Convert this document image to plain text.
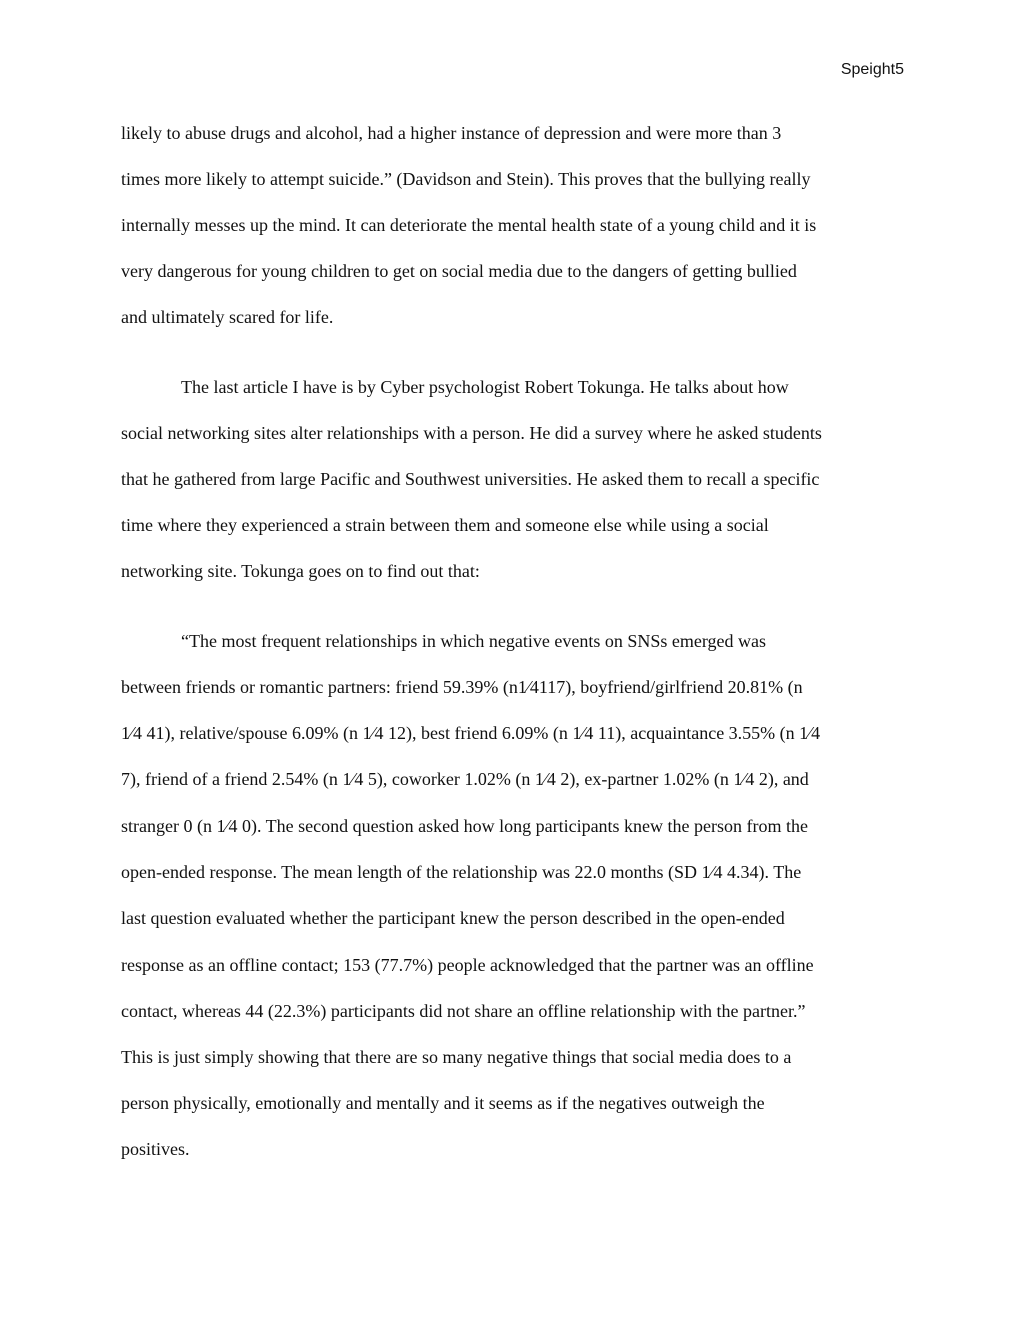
Speight5
likely to abuse drugs and alcohol, had a higher instance of depression and were more than 3
times more likely to attempt suicide.” (Davidson and Stein). This proves that the bullying really
internally messes up the mind. It can deteriorate the mental health state of a young child and it is
very dangerous for young children to get on social media due to the dangers of getting bullied
and ultimately scared for life.
The last article I have is by Cyber psychologist Robert Tokunga. He talks about how
social networking sites alter relationships with a person. He did a survey where he asked students
that he gathered from large Pacific and Southwest universities. He asked them to recall a specific
time where they experienced a strain between them and someone else while using a social
networking site. Tokunga goes on to find out that:
“The most frequent relationships in which negative events on SNSs emerged was
between friends or romantic partners: friend 59.39% (n1⁄4117), boyfriend/girlfriend 20.81% (n
1⁄4 41), relative/spouse 6.09% (n 1⁄4 12), best friend 6.09% (n 1⁄4 11), acquaintance 3.55% (n 1⁄4
7), friend of a friend 2.54% (n 1⁄4 5), coworker 1.02% (n 1⁄4 2), ex-partner 1.02% (n 1⁄4 2), and
stranger 0 (n 1⁄4 0). The second question asked how long participants knew the person from the
open-ended response. The mean length of the relationship was 22.0 months (SD 1⁄4 4.34). The
last question evaluated whether the participant knew the person described in the open-ended
response as an offline contact; 153 (77.7%) people acknowledged that the partner was an offline
contact, whereas 44 (22.3%) participants did not share an offline relationship with the partner.”
This is just simply showing that there are so many negative things that social media does to a
person physically, emotionally and mentally and it seems as if the negatives outweigh the
positives.
